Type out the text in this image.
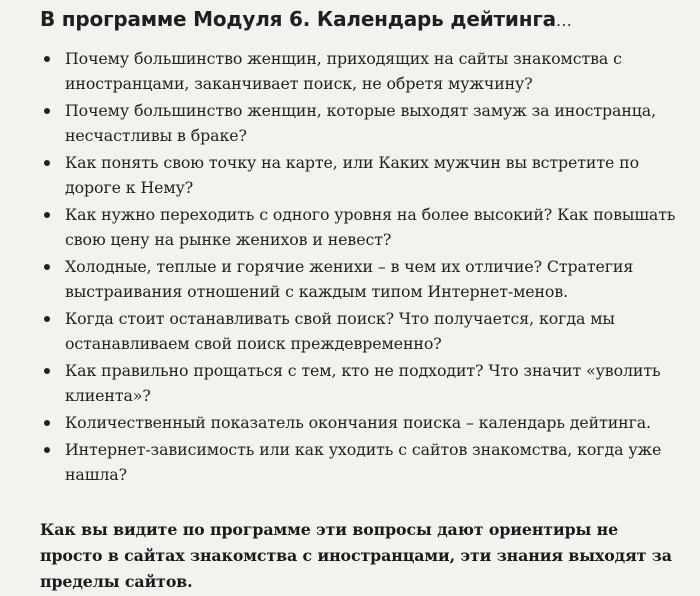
В программе Модуля 6. Календарь дейтинга…
Почему большинство женщин, приходящих на сайты знакомства с иностранцами, заканчивает поиск, не обретя мужчину?
Почему большинство женщин, которые выходят замуж за иностранца, несчастливы в браке?
Как понять свою точку на карте, или Каких мужчин вы встретите по дороге к Нему?
Как нужно переходить с одного уровня на более высокий? Как повышать свою цену на рынке женихов и невест?
Холодные, теплые и горячие женихи – в чем их отличие? Стратегия выстраивания отношений с каждым типом Интернет-менов.
Когда стоит останавливать свой поиск? Что получается, когда мы останавливаем свой поиск преждевременно?
Как правильно прощаться с тем, кто не подходит? Что значит «уволить клиента»?
Количественный показатель окончания поиска – календарь дейтинга.
Интернет-зависимость или как уходить с сайтов знакомства, когда уже нашла?

Как вы видите по программе эти вопросы дают ориентиры не просто в сайтах знакомства с иностранцами, эти знания выходят за пределы сайтов.
